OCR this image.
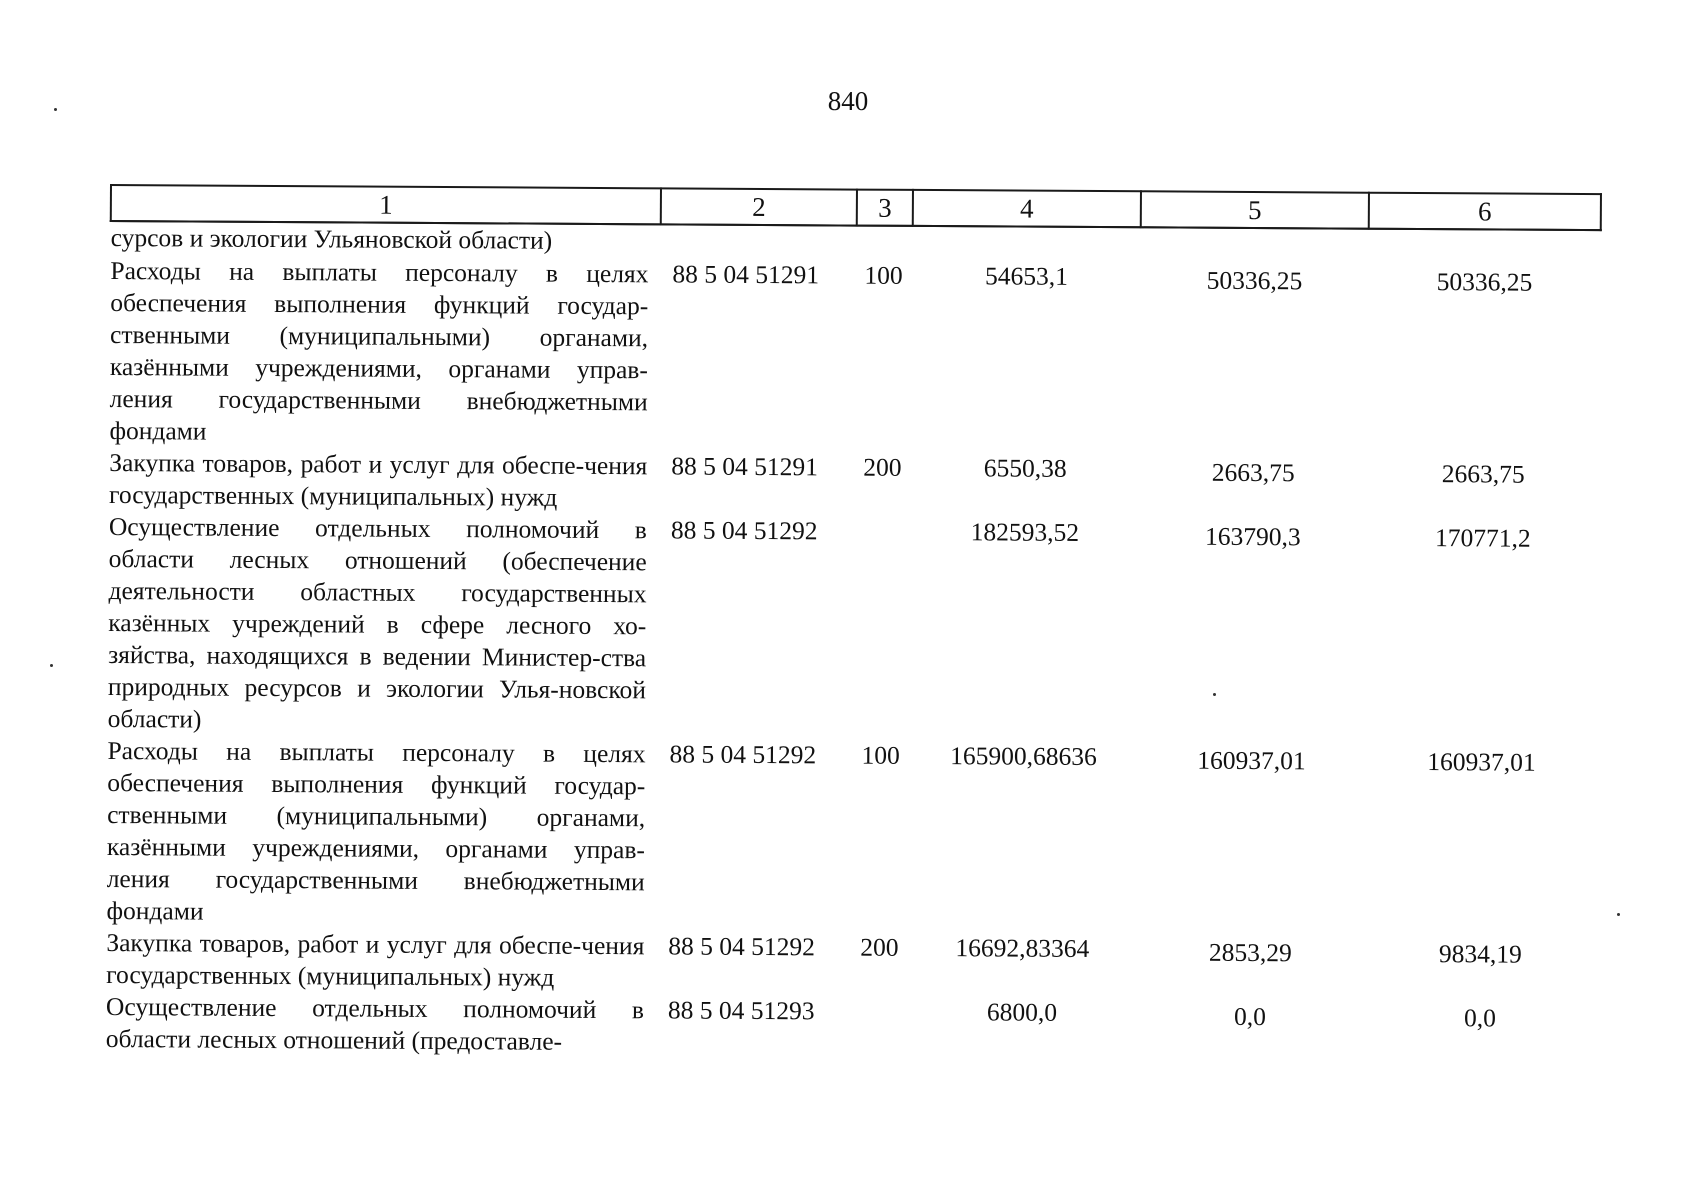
840
1	2	3	4	5	6
сурсов и экологии Ульяновской области)					
Расходы на выплаты персоналу в целях обеспечения выполнения функций государ-ственными (муниципальными) органами, казёнными учреждениями, органами управ-ления государственными внебюджетными фондами	88 5 04 51291	100	54653,1	50336,25	50336,25
Закупка товаров, работ и услуг для обеспе-чения государственных (муниципальных) нужд	88 5 04 51291	200	6550,38	2663,75	2663,75
Осуществление отдельных полномочий в области лесных отношений (обеспечение деятельности областных государственных казённых учреждений в сфере лесного хо-зяйства, находящихся в ведении Министер-ства природных ресурсов и экологии Улья-новской области)	88 5 04 51292		182593,52	163790,3	170771,2
Расходы на выплаты персоналу в целях обеспечения выполнения функций государ-ственными (муниципальными) органами, казёнными учреждениями, органами управ-ления государственными внебюджетными фондами	88 5 04 51292	100	165900,68636	160937,01	160937,01
Закупка товаров, работ и услуг для обеспе-чения государственных (муниципальных) нужд	88 5 04 51292	200	16692,83364	2853,29	9834,19
Осуществление отдельных полномочий в области лесных отношений (предоставле-	88 5 04 51293		6800,0	0,0	0,0
